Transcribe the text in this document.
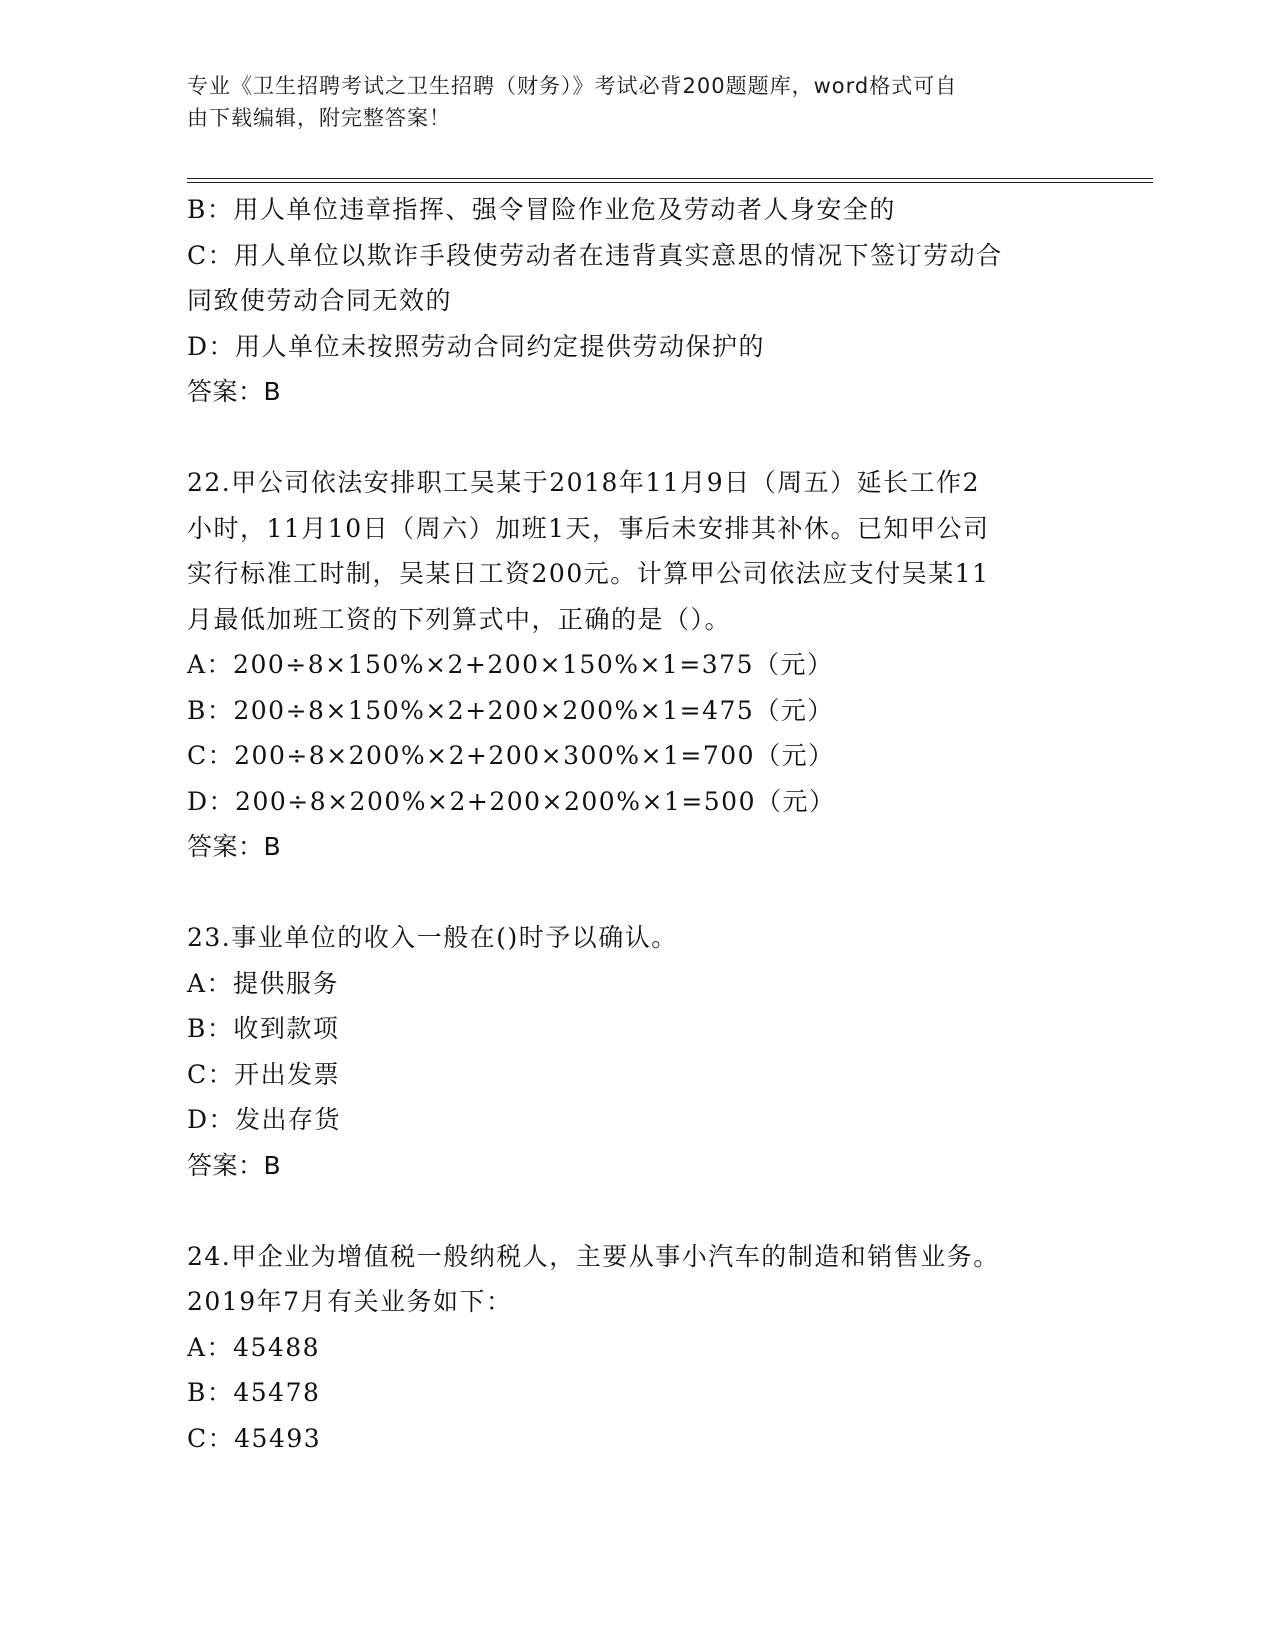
专业《卫生招聘考试之卫生招聘（财务）》考试必背200题题库，word格式可自
由下载编辑，附完整答案！
B：用人单位违章指挥、强令冒险作业危及劳动者人身安全的
C：用人单位以欺诈手段使劳动者在违背真实意思的情况下签订劳动合
同致使劳动合同无效的
D：用人单位未按照劳动合同约定提供劳动保护的
答案：B
22.甲公司依法安排职工吴某于2018年11月9日（周五）延长工作2
小时，11月10日（周六）加班1天，事后未安排其补休。已知甲公司
实行标准工时制，吴某日工资200元。计算甲公司依法应支付吴某11
月最低加班工资的下列算式中，正确的是（）。
A：200÷8×150%×2+200×150%×1=375（元）
B：200÷8×150%×2+200×200%×1=475（元）
C：200÷8×200%×2+200×300%×1=700（元）
D：200÷8×200%×2+200×200%×1=500（元）
答案：B
23.事业单位的收入一般在()时予以确认。
A：提供服务
B：收到款项
C：开出发票
D：发出存货
答案：B
24.甲企业为增值税一般纳税人，主要从事小汽车的制造和销售业务。
2019年7月有关业务如下：
A：45488
B：45478
C：45493
